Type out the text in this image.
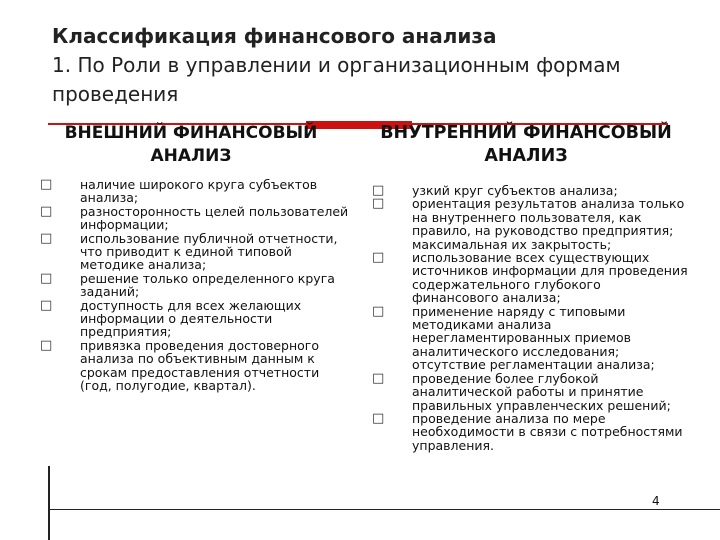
Классификация финансового анализа
1. По Роли в управлении и организационным формам проведения
ВНЕШНИЙ ФИНАНСОВЫЙ АНАЛИЗ
ВНУТРЕННИЙ ФИНАНСОВЫЙ АНАЛИЗ
□ наличие широкого круга субъектов анализа;
□ разносторонность целей пользователей информации;
□ использование публичной отчетности, что приводит к единой типовой методике анализа;
□ решение только определенного круга заданий;
□ доступность для всех желающих информации о деятельности предприятия;
□ привязка проведения достоверного анализа по объективным данным к срокам предоставления отчетности (год, полугодие, квартал).
□ узкий круг субъектов анализа;
□ ориентация результатов анализа только на внутреннего пользователя, как правило, на руководство предприятия; максимальная их закрытость;
□ использование всех существующих источников информации для проведения содержательного глубокого финансового анализа;
□ применение наряду с типовыми методиками анализа нерегламентированных приемов аналитического исследования; отсутствие регламентации анализа;
□ проведение более глубокой аналитической работы и принятие правильных управленческих решений;
□ проведение анализа по мере необходимости в связи с потребностями управления.
4
